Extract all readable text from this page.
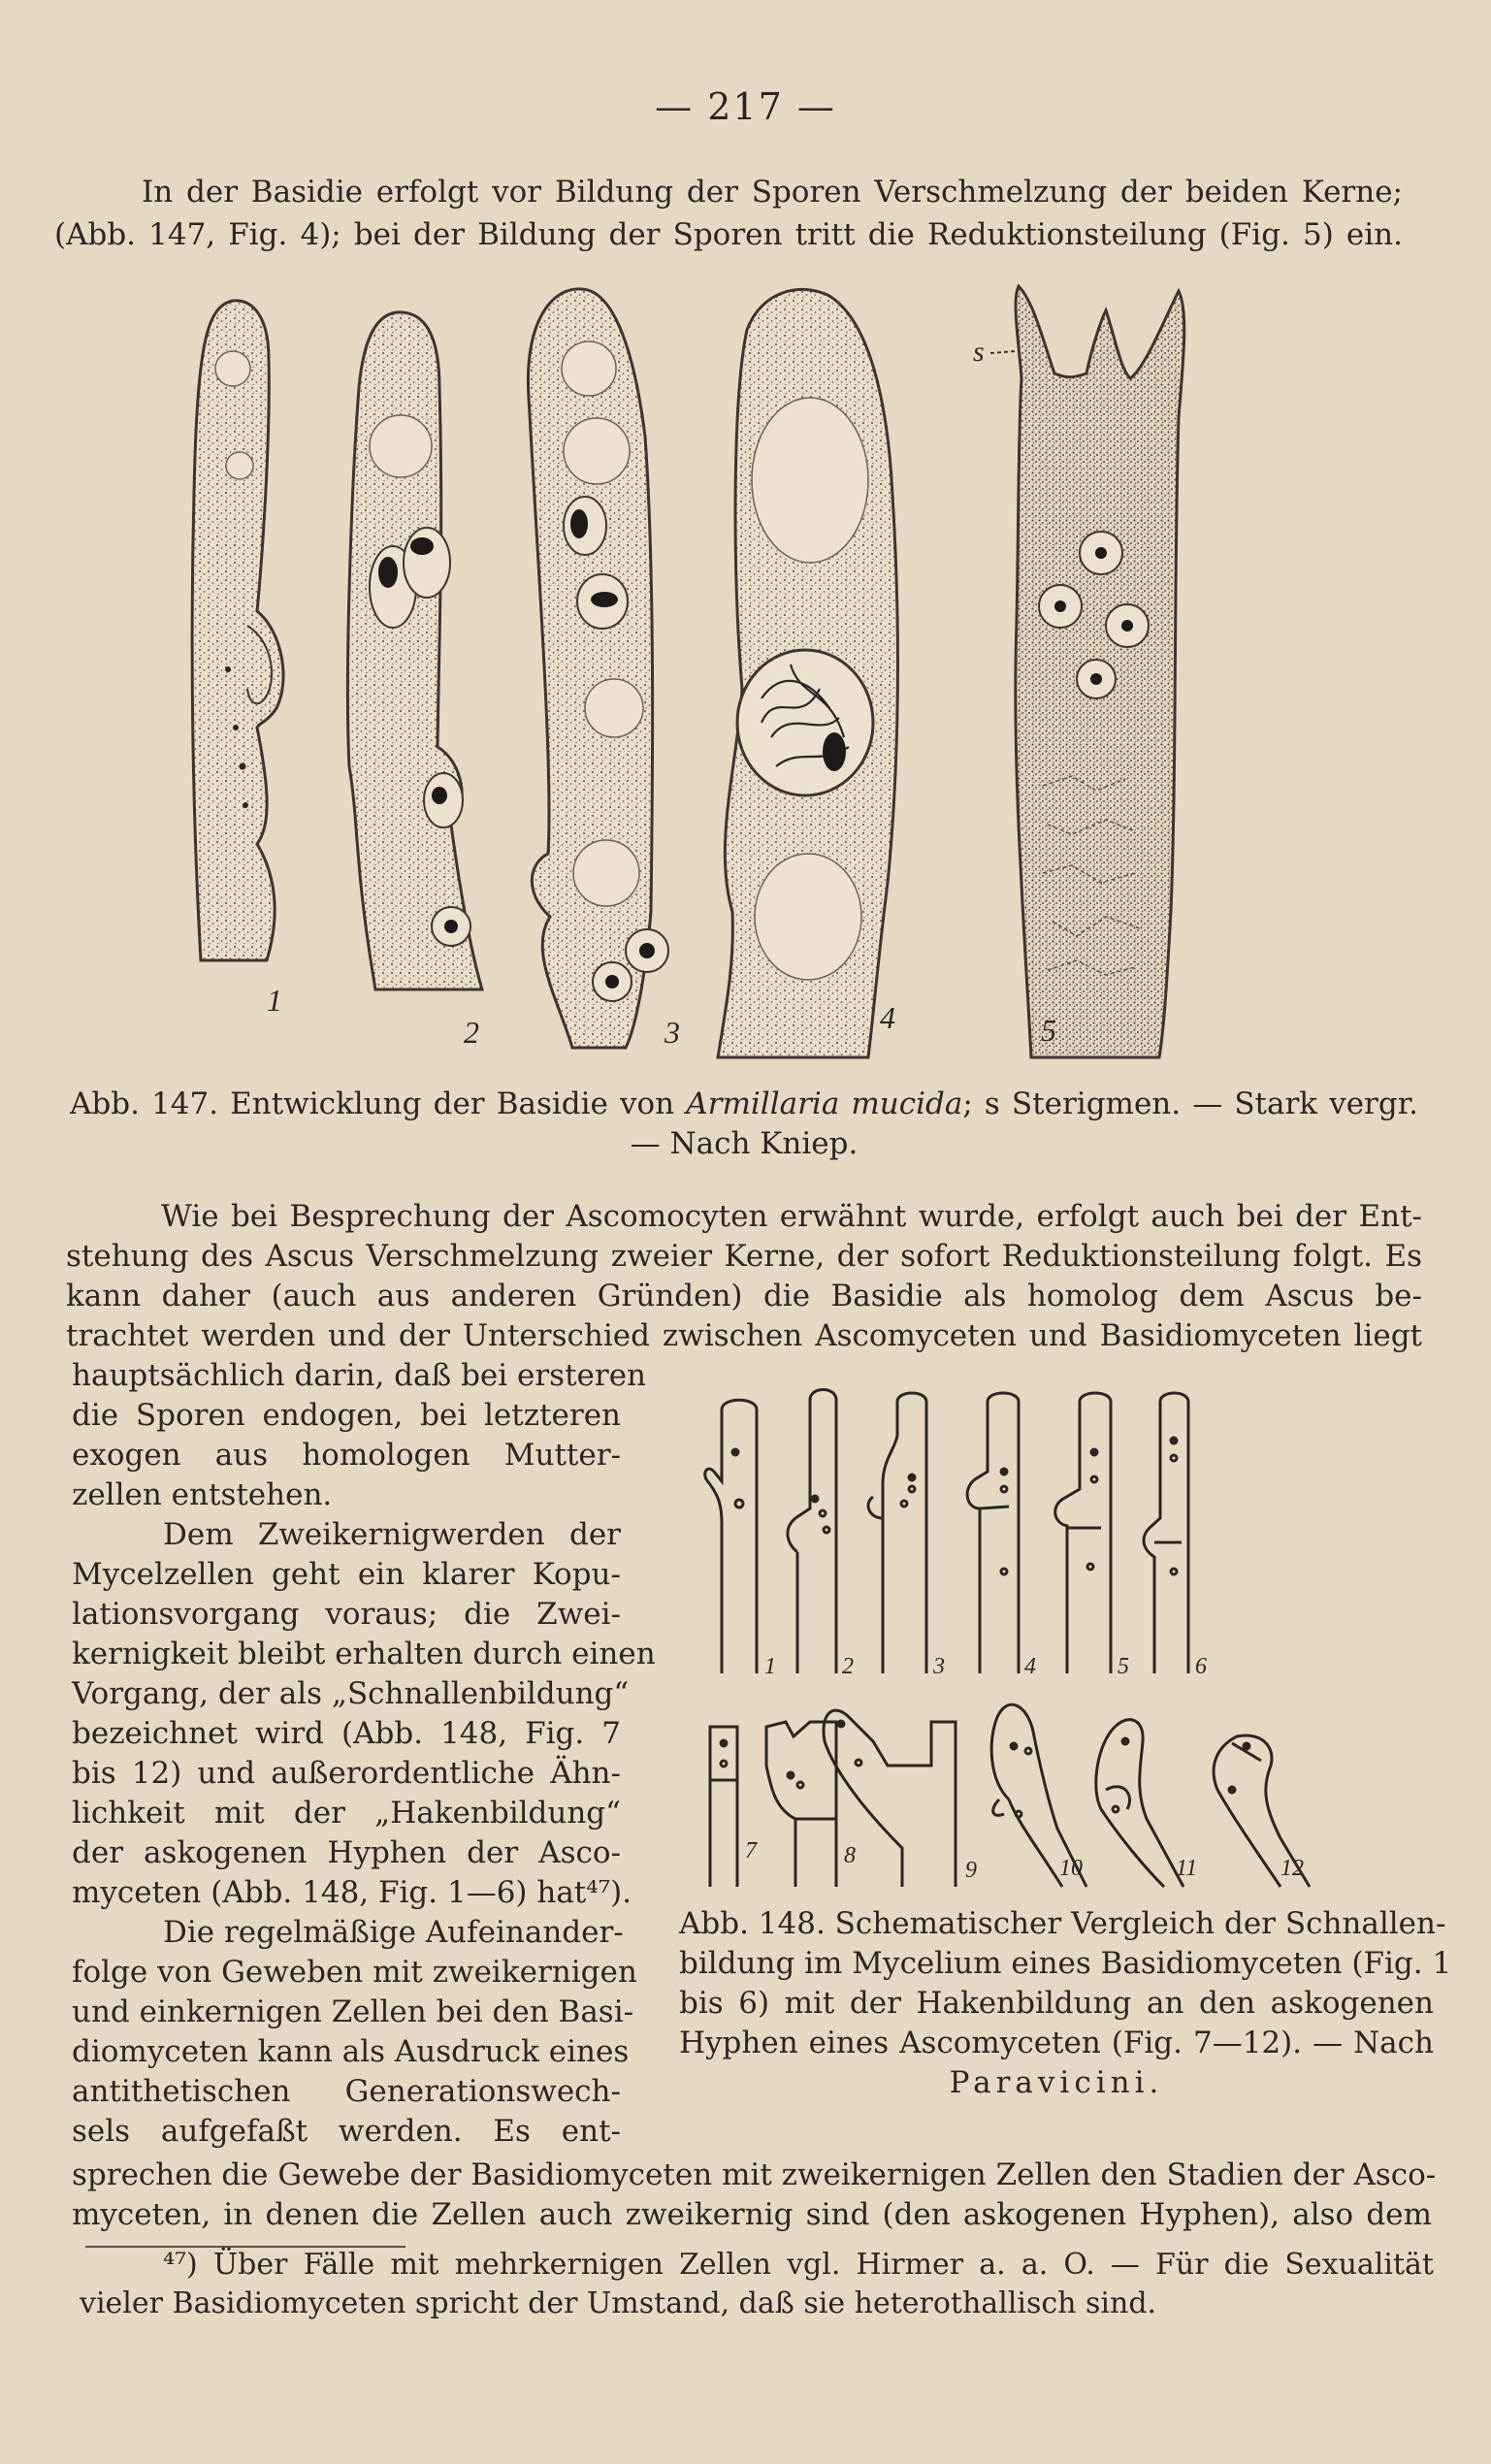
— 217 —
In der Basidie erfolgt vor Bildung der Sporen Verschmelzung der beiden Kerne;
(Abb. 147, Fig. 4); bei der Bildung der Sporen tritt die Reduktionsteilung (Fig. 5) ein.
s
1
2	3	4	5
Abb. 147. Entwicklung der Basidie von Armillaria mucida; s Sterigmen. — Stark vergr.
— Nach Kniep.
Wie bei Besprechung der Ascomocyten erwähnt wurde, erfolgt auch bei der Ent-
stehung des Ascus Verschmelzung zweier Kerne, der sofort Reduktionsteilung folgt. Es
kann daher (auch aus anderen Gründen) die Basidie als homolog dem Ascus be-
trachtet werden und der Unterschied zwischen Ascomyceten und Basidiomyceten liegt
hauptsächlich darin, daß bei ersteren
die Sporen endogen, bei letzteren
exogen aus homologen Mutter-
zellen entstehen.
Dem Zweikernigwerden der
Mycelzellen geht ein klarer Kopu-
lationsvorgang voraus; die Zwei-
kernigkeit bleibt erhalten durch einen
Vorgang, der als „Schnallenbildung“
bezeichnet wird (Abb. 148, Fig. 7
bis 12) und außerordentliche Ähn-
lichkeit mit der „Hakenbildung“
der askogenen Hyphen der Asco-
myceten (Abb. 148, Fig. 1—6) hat⁴⁷).
Die regelmäßige Aufeinander-
folge von Geweben mit zweikernigen
und einkernigen Zellen bei den Basi-
diomyceten kann als Ausdruck eines
antithetischen Generationswech-
sels aufgefaßt werden. Es ent-
1	2	3	4	5	6
7	8
9	10	11	12
Abb. 148. Schematischer Vergleich der Schnallen-
bildung im Mycelium eines Basidiomyceten (Fig. 1
bis 6) mit der Hakenbildung an den askogenen
Hyphen eines Ascomyceten (Fig. 7—12). — Nach
Paravicini.
sprechen die Gewebe der Basidiomyceten mit zweikernigen Zellen den Stadien der Asco-
myceten, in denen die Zellen auch zweikernig sind (den askogenen Hyphen), also dem
⁴⁷) Über Fälle mit mehrkernigen Zellen vgl. Hirmer a. a. O. — Für die Sexualität
vieler Basidiomyceten spricht der Umstand, daß sie heterothallisch sind.
